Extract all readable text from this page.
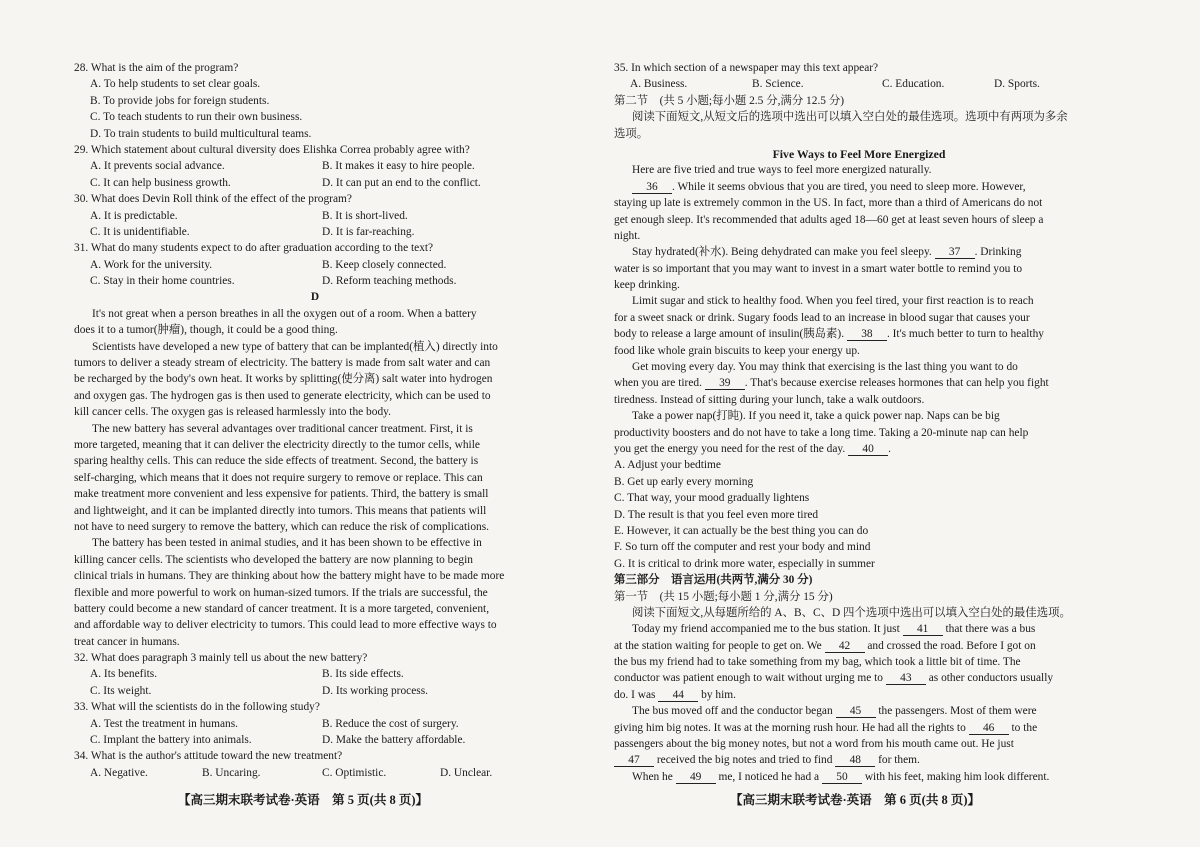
28. What is the aim of the program?
A. To help students to set clear goals.
B. To provide jobs for foreign students.
C. To teach students to run their own business.
D. To train students to build multicultural teams.
29. Which statement about cultural diversity does Elishka Correa probably agree with?
A. It prevents social advance.	B. It makes it easy to hire people.
C. It can help business growth.	D. It can put an end to the conflict.
30. What does Devin Roll think of the effect of the program?
A. It is predictable.	B. It is short-lived.
C. It is unidentifiable.	D. It is far-reaching.
31. What do many students expect to do after graduation according to the text?
A. Work for the university.	B. Keep closely connected.
C. Stay in their home countries.	D. Reform teaching methods.
D
It's not great when a person breathes in all the oxygen out of a room. When a battery
does it to a tumor(肿瘤), though, it could be a good thing.
Scientists have developed a new type of battery that can be implanted(植入) directly into
tumors to deliver a steady stream of electricity. The battery is made from salt water and can
be recharged by the body's own heat. It works by splitting(使分离) salt water into hydrogen
and oxygen gas. The hydrogen gas is then used to generate electricity, which can be used to
kill cancer cells. The oxygen gas is released harmlessly into the body.
The new battery has several advantages over traditional cancer treatment. First, it is
more targeted, meaning that it can deliver the electricity directly to the tumor cells, while
sparing healthy cells. This can reduce the side effects of treatment. Second, the battery is
self-charging, which means that it does not require surgery to remove or replace. This can
make treatment more convenient and less expensive for patients. Third, the battery is small
and lightweight, and it can be implanted directly into tumors. This means that patients will
not have to need surgery to remove the battery, which can reduce the risk of complications.
The battery has been tested in animal studies, and it has been shown to be effective in
killing cancer cells. The scientists who developed the battery are now planning to begin
clinical trials in humans. They are thinking about how the battery might have to be made more
flexible and more powerful to work on human-sized tumors. If the trials are successful, the
battery could become a new standard of cancer treatment. It is a more targeted, convenient,
and affordable way to deliver electricity to tumors. This could lead to more effective ways to
treat cancer in humans.
32. What does paragraph 3 mainly tell us about the new battery?
A. Its benefits.	B. Its side effects.
C. Its weight.	D. Its working process.
33. What will the scientists do in the following study?
A. Test the treatment in humans.	B. Reduce the cost of surgery.
C. Implant the battery into animals.	D. Make the battery affordable.
34. What is the author's attitude toward the new treatment?
A. Negative.	B. Uncaring.	C. Optimistic.	D. Unclear.
【高三期末联考试卷·英语　第 5 页(共 8 页)】
35. In which section of a newspaper may this text appear?
A. Business.	B. Science.	C. Education.	D. Sports.
第二节　(共 5 小题;每小题 2.5 分,满分 12.5 分)
阅读下面短文,从短文后的选项中选出可以填入空白处的最佳选项。选项中有两项为多余
选项。
Five Ways to Feel More Energized
Here are five tried and true ways to feel more energized naturally.
36 . While it seems obvious that you are tired, you need to sleep more. However,
staying up late is extremely common in the US. In fact, more than a third of Americans do not
get enough sleep. It's recommended that adults aged 18—60 get at least seven hours of sleep a
night.
Stay hydrated(补水). Being dehydrated can make you feel sleepy. 37 . Drinking
water is so important that you may want to invest in a smart water bottle to remind you to
keep drinking.
Limit sugar and stick to healthy food. When you feel tired, your first reaction is to reach
for a sweet snack or drink. Sugary foods lead to an increase in blood sugar that causes your
body to release a large amount of insulin(胰岛素). 38 . It's much better to turn to healthy
food like whole grain biscuits to keep your energy up.
Get moving every day. You may think that exercising is the last thing you want to do
when you are tired. 39 . That's because exercise releases hormones that can help you fight
tiredness. Instead of sitting during your lunch, take a walk outdoors.
Take a power nap(打盹). If you need it, take a quick power nap. Naps can be big
productivity boosters and do not have to take a long time. Taking a 20-minute nap can help
you get the energy you need for the rest of the day. 40 .
A. Adjust your bedtime
B. Get up early every morning
C. That way, your mood gradually lightens
D. The result is that you feel even more tired
E. However, it can actually be the best thing you can do
F. So turn off the computer and rest your body and mind
G. It is critical to drink more water, especially in summer
第三部分　语言运用(共两节,满分 30 分)
第一节　(共 15 小题;每小题 1 分,满分 15 分)
阅读下面短文,从每题所给的 A、B、C、D 四个选项中选出可以填入空白处的最佳选项。
Today my friend accompanied me to the bus station. It just 41 that there was a bus
at the station waiting for people to get on. We 42 and crossed the road. Before I got on
the bus my friend had to take something from my bag, which took a little bit of time. The
conductor was patient enough to wait without urging me to 43 as other conductors usually
do. I was 44 by him.
The bus moved off and the conductor began 45 the passengers. Most of them were
giving him big notes. It was at the morning rush hour. He had all the rights to 46 to the
passengers about the big money notes, but not a word from his mouth came out. He just
47 received the big notes and tried to find 48 for them.
When he 49 me, I noticed he had a 50 with his feet, making him look different.
【高三期末联考试卷·英语　第 6 页(共 8 页)】
